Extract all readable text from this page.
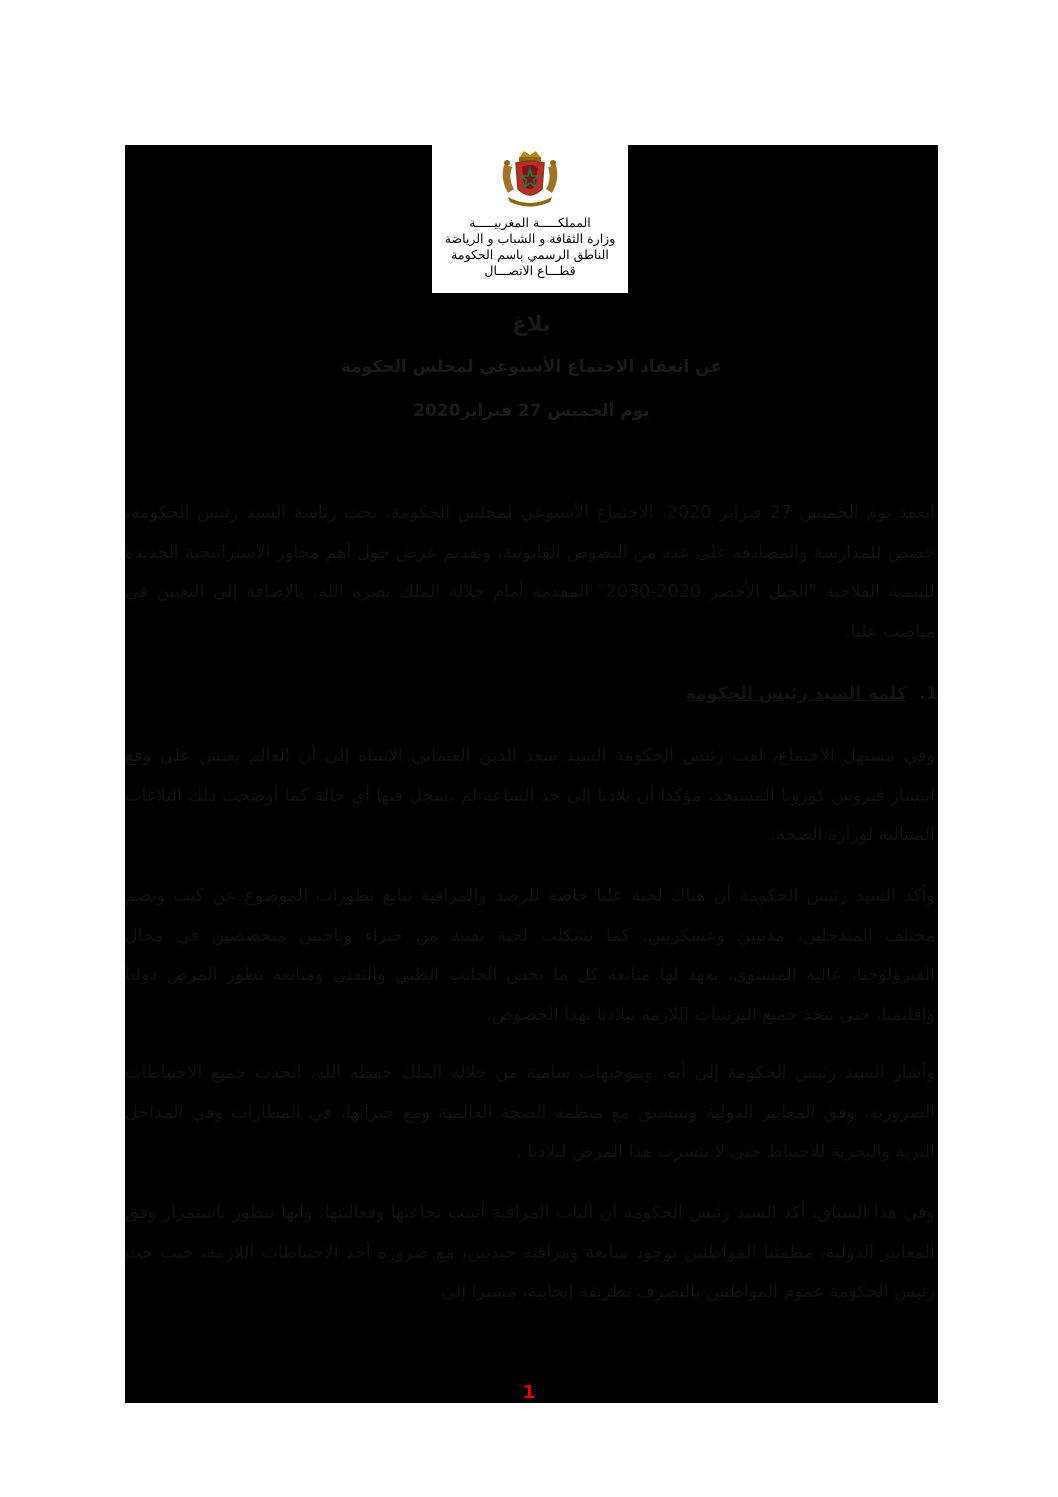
المملكـــــة المغربيـــــة
وزارة الثقافة و الشباب و الرياضة
الناطق الرسمي باسم الحكومة
قطـــاع الاتصـــال
بلاغ
عن انعقاد الاجتماع الأسبوعي لمجلس الحكومة
يوم الخميس 27 فبراير2020
انعقد يوم الخميس 27 فبراير 2020، الاجتماع الأسبوعي لمجلس الحكومة، تحت رئاسة السيد رئيس الحكومة، خصص للمدارسة والمصادقة على عدد من النصوص القانونية، وتقديم عرض حول أهم محاور الاستراتيجية الجديدة للتنمية الفلاحية "الجيل الأخضر 2020-2030" المقدمة أمام جلالة الملك نصره الله، بالإضافة إلى التعيين في مناصب عليا.
1. كلمة السيد رئيس الحكومة
وفي مستهل الاجتماع، لفت رئيس الحكومة السيد سعد الدين العثماني الانتباه إلى أن العالم يعيش على وقع انتشار فيروس كورونا المستجد، مؤكدا أن بلادنا إلى حد الساعة لم تسجل فيها أي حالة كما أوضحت ذلك البلاغات المتتالية لوزارة الصحة.
وأكد السيد رئيس الحكومة أن هناك لجنة عليا خاصة للرصد والمراقبة تتابع تطورات الموضوع عن كثب وتضم مختلف المتدخلين، مدنيين وعسكريين. كما تشكلت لجنة تقنية من خبراء وباحثين متخصصين في مجال الفيرولوجيا، عالية المستوى، يعهد لها متابعة كل ما يخص الجانب الطبي والتقني ومتابعة تطور المرض دوليا وإقليميا، حتى تتخذ جميع الترتيبات اللازمة ببلادنا بهذا الخصوص.
وأشار السيد رئيس الحكومة إلى أنه، وبتوجيهات سامية من جلالة الملك حفظه الله، اتخذت جميع الاحتياطات الضرورية، وفق المعايير الدولية وبتنسيق مع منظمة الصحة العالمية ومع خبراتها، في المطارات وفي المداخل البرية والبحرية للاحتياط حتى لا يتسرب هذا المرض لبلادنا .
وفي هذا السياق، أكد السيد رئيس الحكومة أن آليات المراقبة أثبتت نجاعتها وفعاليتها، وأنها تتطور باستمرار وفق المعايير الدولية، مطمئنا المواطنين بوجود متابعة ومراقبة جيدتين، مع ضرورة أخذ الاحتياطات اللازمة، حيث حث رئيس الحكومة عموم المواطنين بالتصرف بطريقة إيجابية، مشيرا إلى
1
